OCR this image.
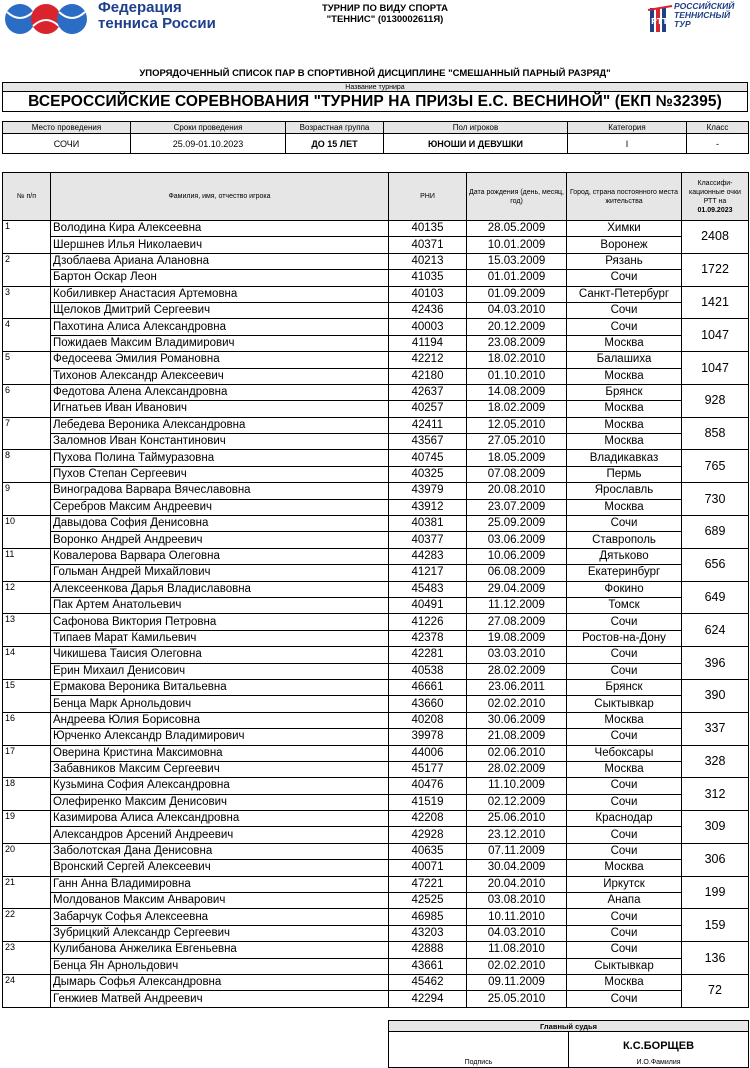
Федерация
тенниса России
ТУРНИР ПО ВИДУ СПОРТА
"ТЕННИС" (0130002611Я)	РТТ
РОССИЙСКИЙ
ТЕННИСНЫЙ
ТУР
УПОРЯДОЧЕННЫЙ СПИСОК ПАР В СПОРТИВНОЙ ДИСЦИПЛИНЕ "СМЕШАННЫЙ ПАРНЫЙ РАЗРЯД"
Название турнира
ВСЕРОССИЙСКИЕ СОРЕВНОВАНИЯ "ТУРНИР НА ПРИЗЫ Е.С. ВЕСНИНОЙ" (ЕКП №32395)
Место проведения	Сроки проведения	Возрастная группа	Пол игроков	Категория	Класс
СОЧИ	25.09-01.10.2023	ДО 15 ЛЕТ	ЮНОШИ И ДЕВУШКИ	I	-
№ п/п	Фамилия, имя, отчество игрока	РНИ	Дата рождения (день, месяц, год)	Город, страна постоянного места жительства	Классифи-кационные очки РТТ на
01.09.2023
1	Володина Кира Алексеевна	40135	28.05.2009	Химки	2408
	Шершнев Илья Николаевич	40371	10.01.2009	Воронеж	
2	Дзоблаева Ариана Алановна	40213	15.03.2009	Рязань	1722
	Бартон Оскар Леон	41035	01.01.2009	Сочи	
3	Кобиливкер Анастасия Артемовна	40103	01.09.2009	Санкт-Петербург	1421
	Щелоков Дмитрий Сергеевич	42436	04.03.2010	Сочи	
4	Пахотина Алиса Александровна	40003	20.12.2009	Сочи	1047
	Пожидаев Максим Владимирович	41194	23.08.2009	Москва	
5	Федосеева Эмилия Романовна	42212	18.02.2010	Балашиха	1047
	Тихонов Александр Алексеевич	42180	01.10.2010	Москва	
6	Федотова Алена Александровна	42637	14.08.2009	Брянск	928
	Игнатьев Иван Иванович	40257	18.02.2009	Москва	
7	Лебедева Вероника Александровна	42411	12.05.2010	Москва	858
	Заломнов Иван Константинович	43567	27.05.2010	Москва	
8	Пухова Полина Таймуразовна	40745	18.05.2009	Владикавказ	765
	Пухов Степан Сергеевич	40325	07.08.2009	Пермь	
9	Виноградова Варвара Вячеславовна	43979	20.08.2010	Ярославль	730
	Серебров Максим Андреевич	43912	23.07.2009	Москва	
10	Давыдова София Денисовна	40381	25.09.2009	Сочи	689
	Воронко Андрей Андреевич	40377	03.06.2009	Ставрополь	
11	Ковалерова Варвара Олеговна	44283	10.06.2009	Дятьково	656
	Гольман Андрей Михайлович	41217	06.08.2009	Екатеринбург	
12	Алексеенкова Дарья Владиславовна	45483	29.04.2009	Фокино	649
	Пак Артем Анатольевич	40491	11.12.2009	Томск	
13	Сафонова Виктория Петровна	41226	27.08.2009	Сочи	624
	Типаев Марат Камильевич	42378	19.08.2009	Ростов-на-Дону	
14	Чикишева Таисия Олеговна	42281	03.03.2010	Сочи	396
	Ерин Михаил Денисович	40538	28.02.2009	Сочи	
15	Ермакова Вероника Витальевна	46661	23.06.2011	Брянск	390
	Бенца Марк Арнольдович	43660	02.02.2010	Сыктывкар	
16	Андреева Юлия Борисовна	40208	30.06.2009	Москва	337
	Юрченко Александр Владимирович	39978	21.08.2009	Сочи	
17	Оверина Кристина Максимовна	44006	02.06.2010	Чебоксары	328
	Забавников Максим Сергеевич	45177	28.02.2009	Москва	
18	Кузьмина София Александровна	40476	11.10.2009	Сочи	312
	Олефиренко Максим Денисович	41519	02.12.2009	Сочи	
19	Казимирова Алиса Александровна	42208	25.06.2010	Краснодар	309
	Александров Арсений Андреевич	42928	23.12.2010	Сочи	
20	Заболотская Дана Денисовна	40635	07.11.2009	Сочи	306
	Вронский Сергей Алексеевич	40071	30.04.2009	Москва	
21	Ганн Анна Владимировна	47221	20.04.2010	Иркутск	199
	Молдованов Максим Анварович	42525	03.08.2010	Анапа	
22	Забарчук Софья Алексеевна	46985	10.11.2010	Сочи	159
	Зубрицкий Александр Сергеевич	43203	04.03.2010	Сочи	
23	Кулибанова Анжелика Евгеньевна	42888	11.08.2010	Сочи	136
	Бенца Ян Арнольдович	43661	02.02.2010	Сыктывкар	
24	Дымарь Софья Александровна	45462	09.11.2009	Москва	72
	Генжиев Матвей Андреевич	42294	25.05.2010	Сочи	
Главный судья

Подпись

К.С.БОРЩЕВ
И.О.Фамилия
